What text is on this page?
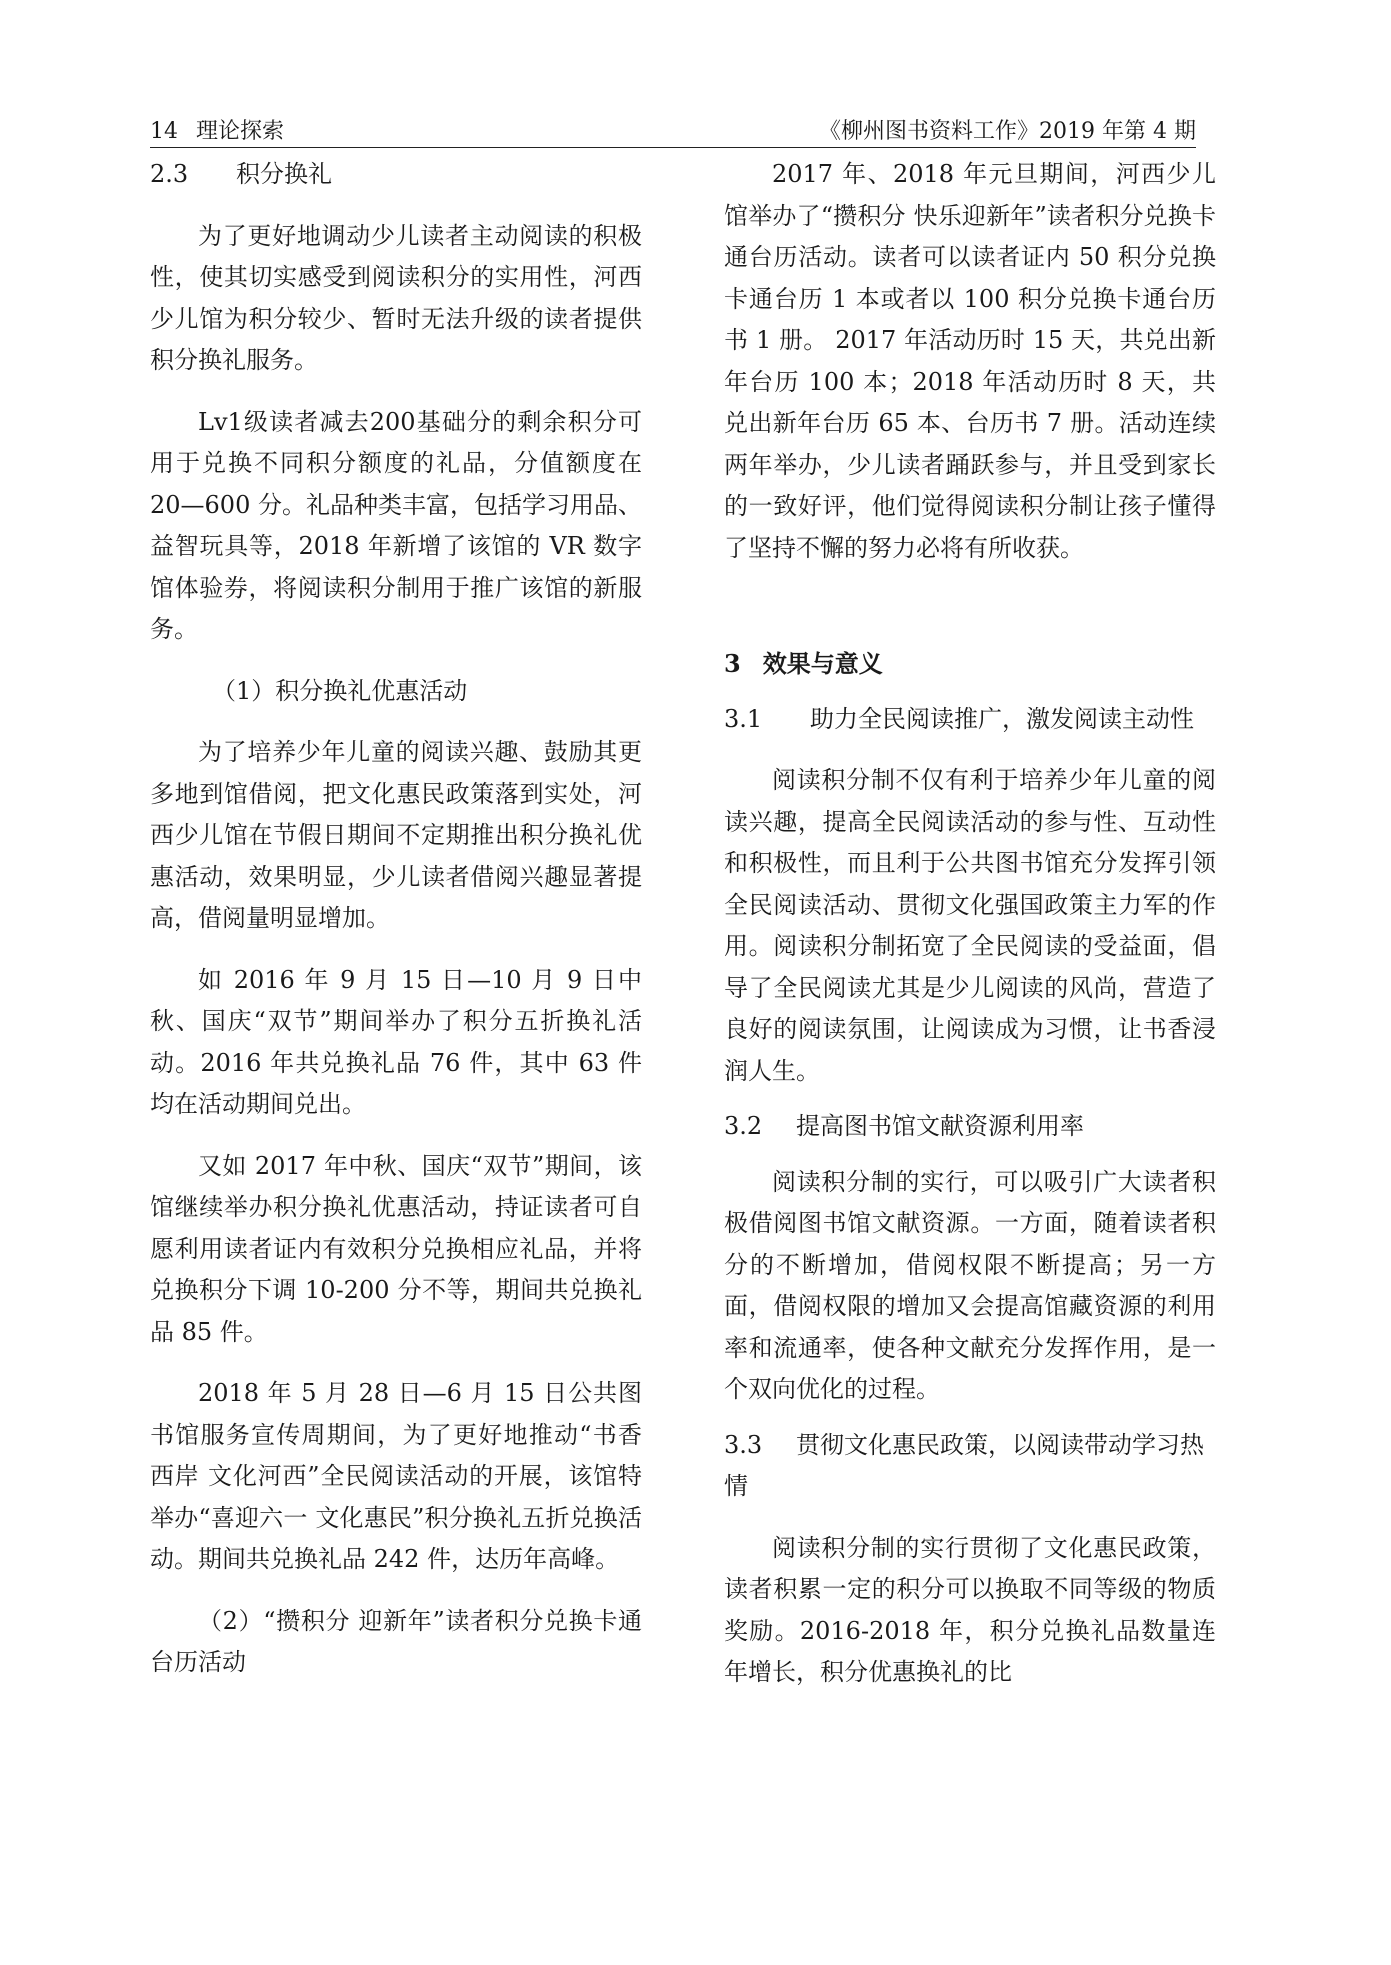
14 理论探索	《柳州图书资料工作》2019 年第 4 期

2.3 积分换礼

为了更好地调动少儿读者主动阅读的积极性，使其切实感受到阅读积分的实用性，河西少儿馆为积分较少、暂时无法升级的读者提供积分换礼服务。

Lv1级读者减去200基础分的剩余积分可用于兑换不同积分额度的礼品，分值额度在 20—600 分。礼品种类丰富，包括学习用品、益智玩具等，2018 年新增了该馆的 VR 数字馆体验券，将阅读积分制用于推广该馆的新服务。

（1）积分换礼优惠活动

为了培养少年儿童的阅读兴趣、鼓励其更多地到馆借阅，把文化惠民政策落到实处，河西少儿馆在节假日期间不定期推出积分换礼优惠活动，效果明显，少儿读者借阅兴趣显著提高，借阅量明显增加。

如 2016 年 9 月 15 日—10 月 9 日中秋、国庆“双节”期间举办了积分五折换礼活动。2016 年共兑换礼品 76 件，其中 63 件均在活动期间兑出。

又如 2017 年中秋、国庆“双节”期间，该馆继续举办积分换礼优惠活动，持证读者可自愿利用读者证内有效积分兑换相应礼品，并将兑换积分下调 10-200 分不等，期间共兑换礼品 85 件。

2018 年 5 月 28 日—6 月 15 日公共图书馆服务宣传周期间，为了更好地推动“书香西岸 文化河西”全民阅读活动的开展，该馆特举办“喜迎六一 文化惠民”积分换礼五折兑换活动。期间共兑换礼品 242 件，达历年高峰。

（2）“攒积分 迎新年”读者积分兑换卡通台历活动

2017 年、2018 年元旦期间，河西少儿馆举办了“攒积分 快乐迎新年”读者积分兑换卡通台历活动。读者可以读者证内 50 积分兑换卡通台历 1 本或者以 100 积分兑换卡通台历书 1 册。 2017 年活动历时 15 天，共兑出新年台历 100 本；2018 年活动历时 8 天，共兑出新年台历 65 本、台历书 7 册。活动连续两年举办，少儿读者踊跃参与，并且受到家长的一致好评，他们觉得阅读积分制让孩子懂得了坚持不懈的努力必将有所收获。

3 效果与意义

3.1 助力全民阅读推广，激发阅读主动性

阅读积分制不仅有利于培养少年儿童的阅读兴趣，提高全民阅读活动的参与性、互动性和积极性，而且利于公共图书馆充分发挥引领全民阅读活动、贯彻文化强国政策主力军的作用。阅读积分制拓宽了全民阅读的受益面，倡导了全民阅读尤其是少儿阅读的风尚，营造了良好的阅读氛围，让阅读成为习惯，让书香浸润人生。

3.2 提高图书馆文献资源利用率

阅读积分制的实行，可以吸引广大读者积极借阅图书馆文献资源。一方面，随着读者积分的不断增加，借阅权限不断提高；另一方面，借阅权限的增加又会提高馆藏资源的利用率和流通率，使各种文献充分发挥作用，是一个双向优化的过程。

3.3 贯彻文化惠民政策，以阅读带动学习热情

阅读积分制的实行贯彻了文化惠民政策，读者积累一定的积分可以换取不同等级的物质奖励。2016-2018 年，积分兑换礼品数量连年增长，积分优惠换礼的比
